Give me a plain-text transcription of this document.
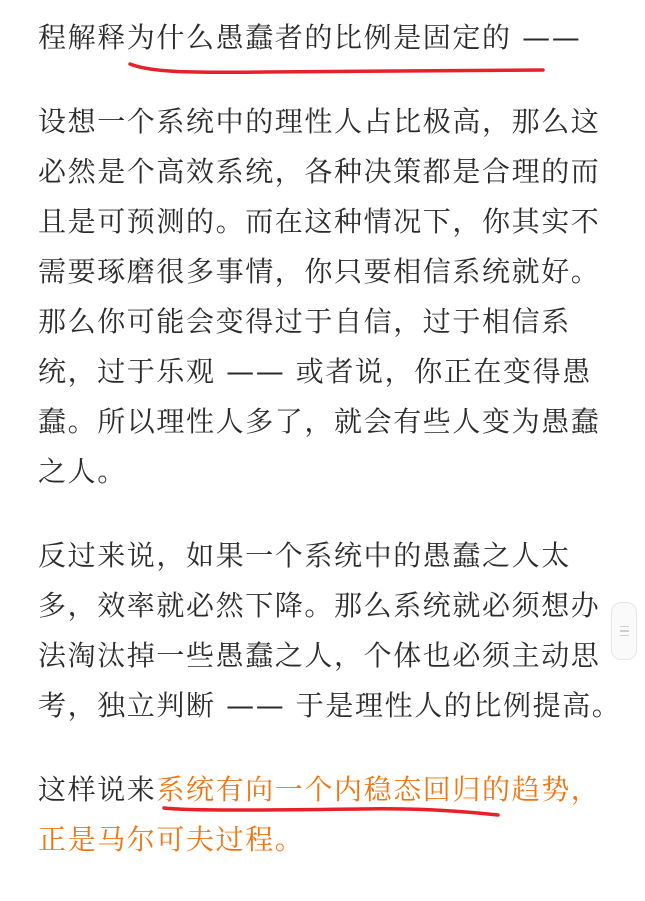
程解释为什么愚蠢者的比例是固定的 ——
设想一个系统中的理性人占比极高，那么这
必然是个高效系统，各种决策都是合理的而
且是可预测的。而在这种情况下，你其实不
需要琢磨很多事情，你只要相信系统就好。
那么你可能会变得过于自信，过于相信系
统，过于乐观 —— 或者说，你正在变得愚
蠢。所以理性人多了，就会有些人变为愚蠢
之人。
反过来说，如果一个系统中的愚蠢之人太
多，效率就必然下降。那么系统就必须想办
法淘汰掉一些愚蠢之人，个体也必须主动思
考，独立判断 —— 于是理性人的比例提高。
这样说来系统有向一个内稳态回归的趋势，
正是马尔可夫过程。
